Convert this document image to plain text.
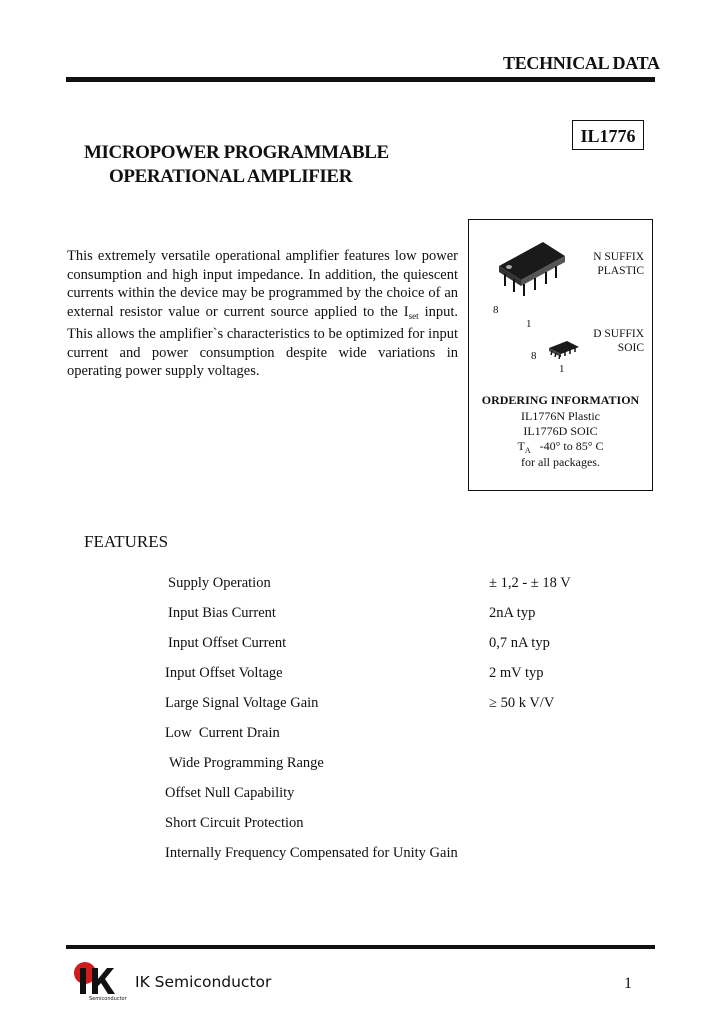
TECHNICAL DATA
IL1776
MICROPOWER PROGRAMMABLE
OPERATIONAL AMPLIFIER
This extremely versatile operational amplifier features low power consumption and high input impedance. In addition, the quiescent currents within the device may be programmed by the choice of an external resistor value or current source applied to the $I_{set}$ input. This allows the amplifier`s characteristics to be optimized for input current and power consumption despite wide variations in operating power supply voltages.
8
1
N SUFFIX
PLASTIC
8
1
D SUFFIX
SOIC
ORDERING INFORMATION
IL1776N Plastic
IL1776D SOIC
$T_A$ -40° to 85° C
for all packages.
FEATURES
Supply Operation	± 1,2 - ± 18 V
Input Bias Current	2nA typ
Input Offset Current	0,7 nA typ
Input Offset Voltage	2 mV typ
Large Signal Voltage Gain	≥ 50 k V/V
Low  Current Drain
Wide Programming Range
Offset Null Capability
Short Circuit Protection
Internally Frequency Compensated for Unity Gain
Semiconductor
IK Semiconductor	1
